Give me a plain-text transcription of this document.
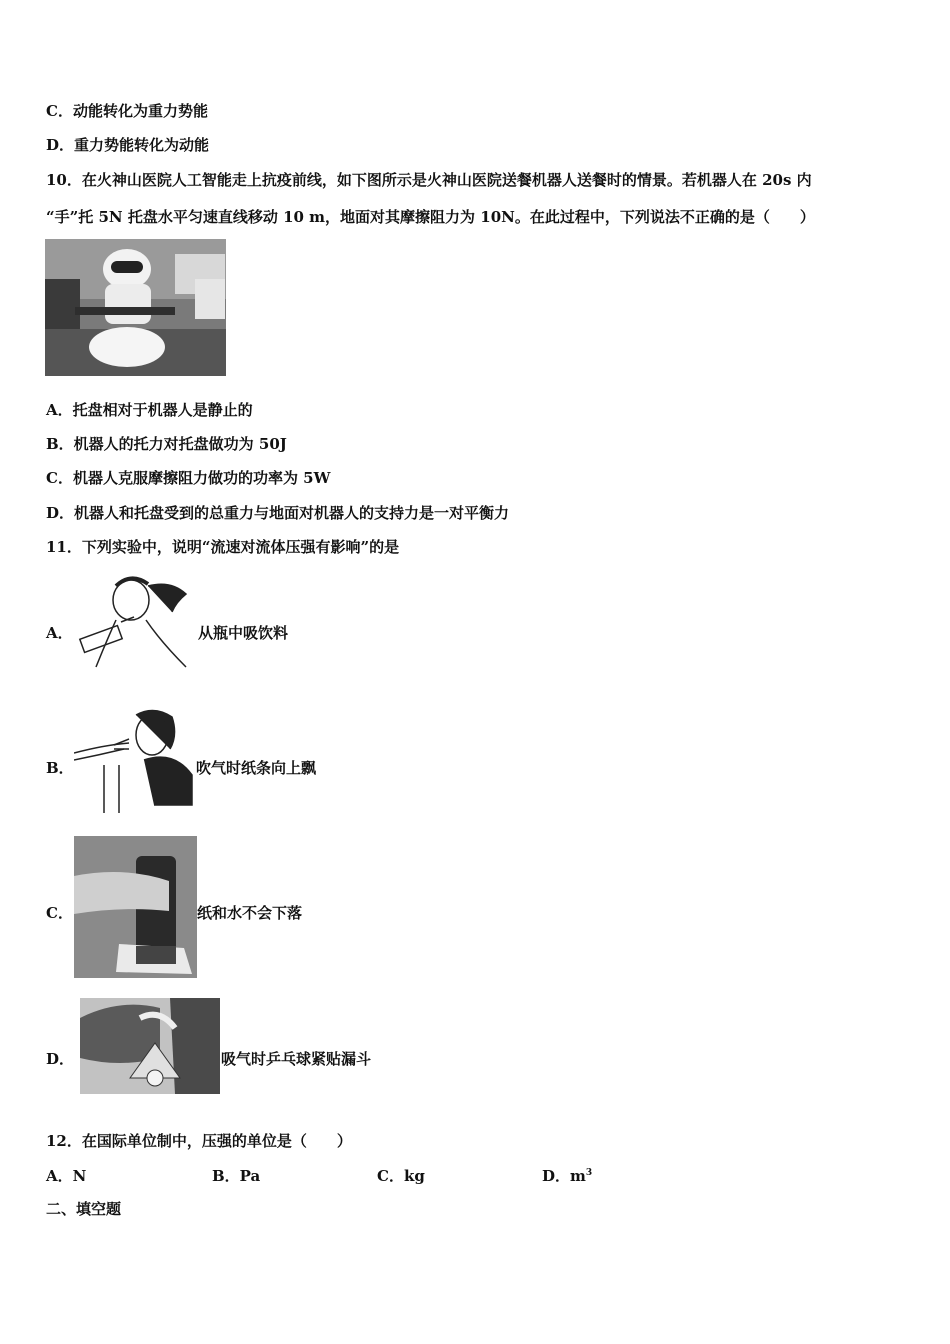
C．动能转化为重力势能
D．重力势能转化为动能
10．在火神山医院人工智能走上抗疫前线，如下图所示是火神山医院送餐机器人送餐时的情景。若机器人在 20s 内
“手”托 5N 托盘水平匀速直线移动 10 m，地面对其摩擦阻力为 10N。在此过程中，下列说法不正确的是（　　）
A．托盘相对于机器人是静止的
B．机器人的托力对托盘做功为 50J
C．机器人克服摩擦阻力做功的功率为 5W
D．机器人和托盘受到的总重力与地面对机器人的支持力是一对平衡力
11．下列实验中，说明“流速对流体压强有影响”的是
A．	从瓶中吸饮料
B．	吹气时纸条向上飘
C．	纸和水不会下落
D．	吸气时乒乓球紧贴漏斗
12．在国际单位制中，压强的单位是（　　）
A．N	B．Pa	C．kg	D．$m^3$
二、填空题
